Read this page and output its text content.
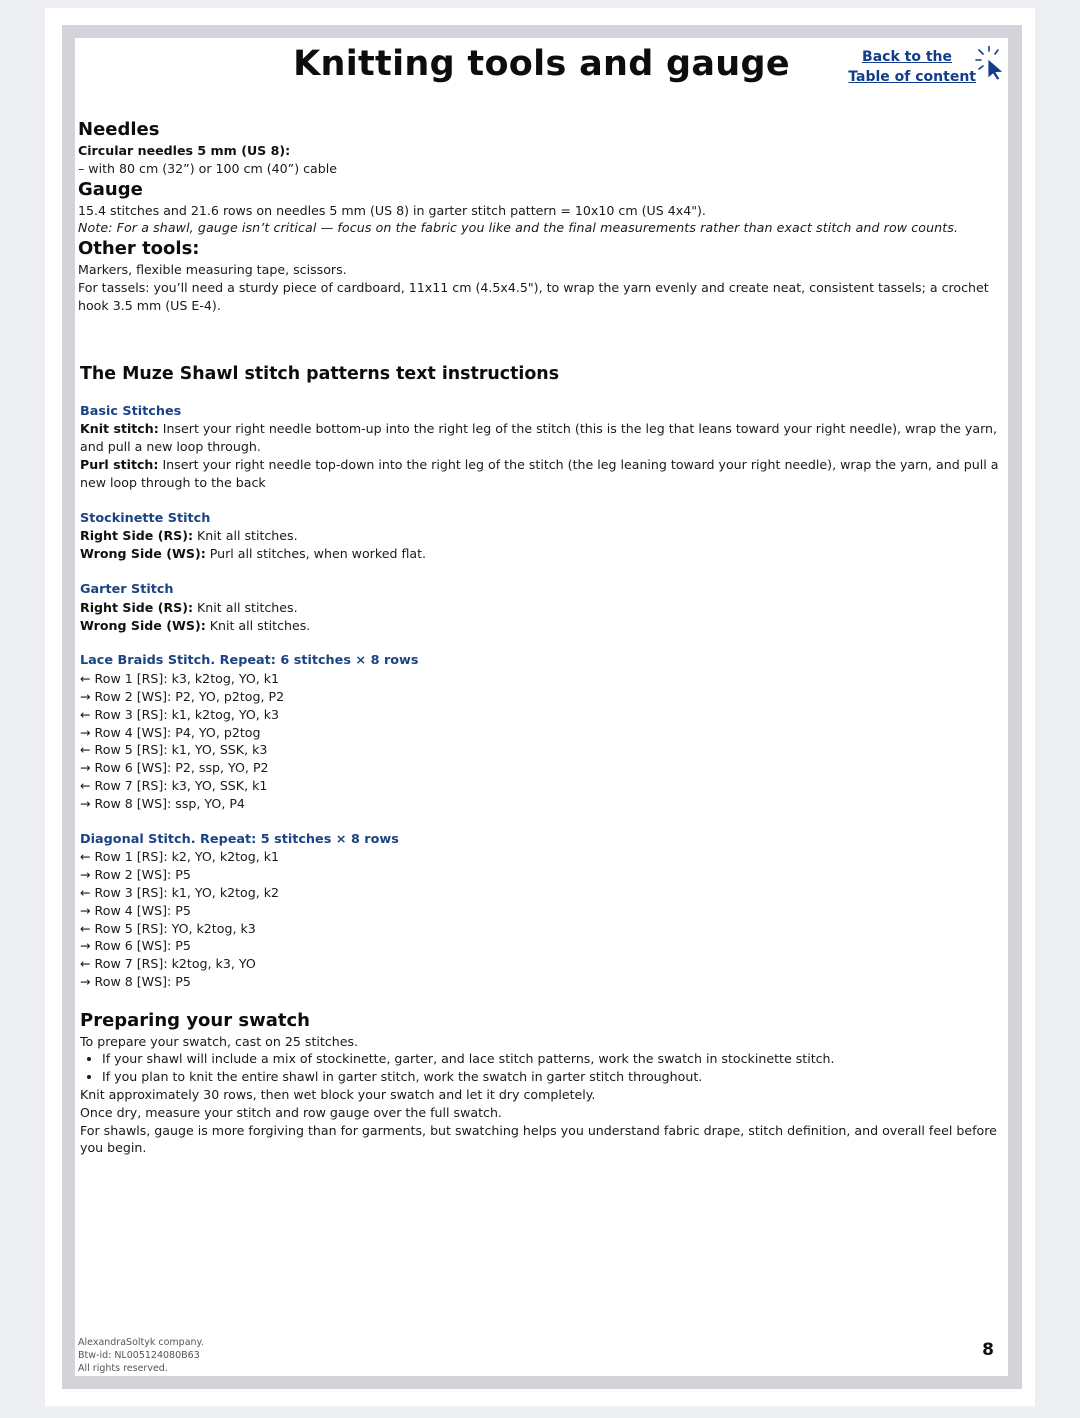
Knitting tools and gauge	Back to the
Table of content
Needles

Circular needles 5 mm (US 8):

– with 80 cm (32”) or 100 cm (40”) cable

Gauge

15.4 stitches and 21.6 rows on needles 5 mm (US 8) in garter stitch pattern = 10x10 cm (US 4x4").

Note: For a shawl, gauge isn’t critical — focus on the fabric you like and the final measurements rather than exact stitch and row counts.

Other tools:

Markers, flexible measuring tape, scissors.

For tassels: you’ll need a sturdy piece of cardboard, 11x11 cm (4.5x4.5"), to wrap the yarn evenly and create neat, consistent tassels; a crochet hook 3.5 mm (US E-4).

The Muze Shawl stitch patterns text instructions

Basic Stitches

Knit stitch: Insert your right needle bottom-up into the right leg of the stitch (this is the leg that leans toward your right needle), wrap the yarn, and pull a new loop through.

Purl stitch: Insert your right needle top-down into the right leg of the stitch (the leg leaning toward your right needle), wrap the yarn, and pull a new loop through to the back

Stockinette Stitch

Right Side (RS): Knit all stitches.

Wrong Side (WS): Purl all stitches, when worked flat.

Garter Stitch

Right Side (RS): Knit all stitches.

Wrong Side (WS): Knit all stitches.

Lace Braids Stitch. Repeat: 6 stitches × 8 rows

← Row 1 [RS]: k3, k2tog, YO, k1

→ Row 2 [WS]: P2, YO, p2tog, P2

← Row 3 [RS]: k1, k2tog, YO, k3

→ Row 4 [WS]: P4, YO, p2tog

← Row 5 [RS]: k1, YO, SSK, k3

→ Row 6 [WS]: P2, ssp, YO, P2

← Row 7 [RS]: k3, YO, SSK, k1

→ Row 8 [WS]: ssp, YO, P4

Diagonal Stitch. Repeat: 5 stitches × 8 rows

← Row 1 [RS]: k2, YO, k2tog, k1

→ Row 2 [WS]: P5

← Row 3 [RS]: k1, YO, k2tog, k2

→ Row 4 [WS]: P5

← Row 5 [RS]: YO, k2tog, k3

→ Row 6 [WS]: P5

← Row 7 [RS]: k2tog, k3, YO

→ Row 8 [WS]: P5

Preparing your swatch

To prepare your swatch, cast on 25 stitches.

• If your shawl will include a mix of stockinette, garter, and lace stitch patterns, work the swatch in stockinette stitch.
• If you plan to knit the entire shawl in garter stitch, work the swatch in garter stitch throughout.

Knit approximately 30 rows, then wet block your swatch and let it dry completely.

Once dry, measure your stitch and row gauge over the full swatch.

For shawls, gauge is more forgiving than for garments, but swatching helps you understand fabric drape, stitch definition, and overall feel before you begin.

AlexandraSoltyk company.
Btw-id: NL005124080B63
All rights reserved.
8
